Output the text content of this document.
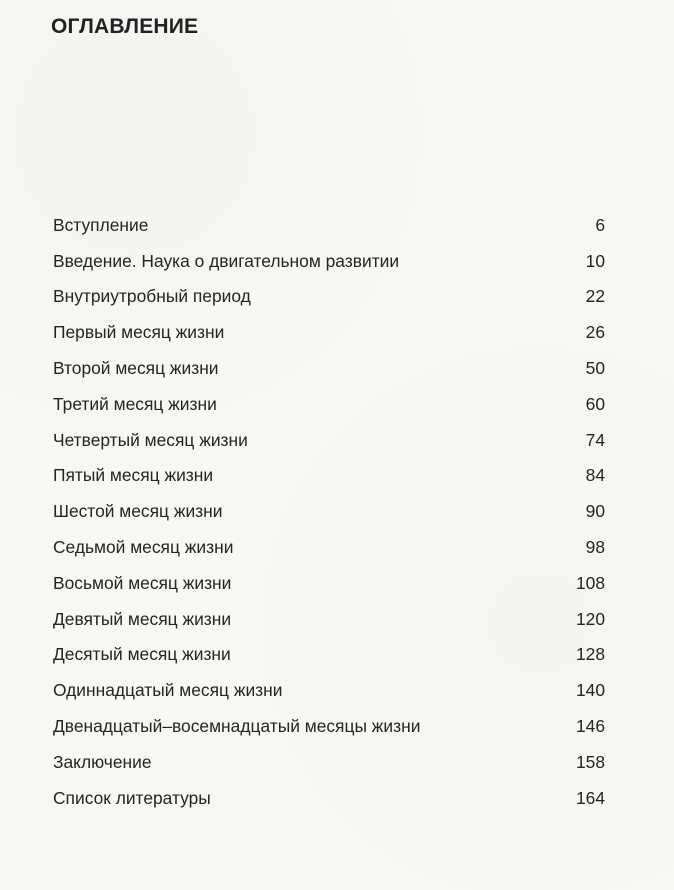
ОГЛАВЛЕНИЕ
Вступление	6
Введение. Наука о двигательном развитии	10
Внутриутробный период	22
Первый месяц жизни	26
Второй месяц жизни	50
Третий месяц жизни	60
Четвертый месяц жизни	74
Пятый месяц жизни	84
Шестой месяц жизни	90
Седьмой месяц жизни	98
Восьмой месяц жизни	108
Девятый месяц жизни	120
Десятый месяц жизни	128
Одиннадцатый месяц жизни	140
Двенадцатый–восемнадцатый месяцы жизни	146
Заключение	158
Список литературы	164
